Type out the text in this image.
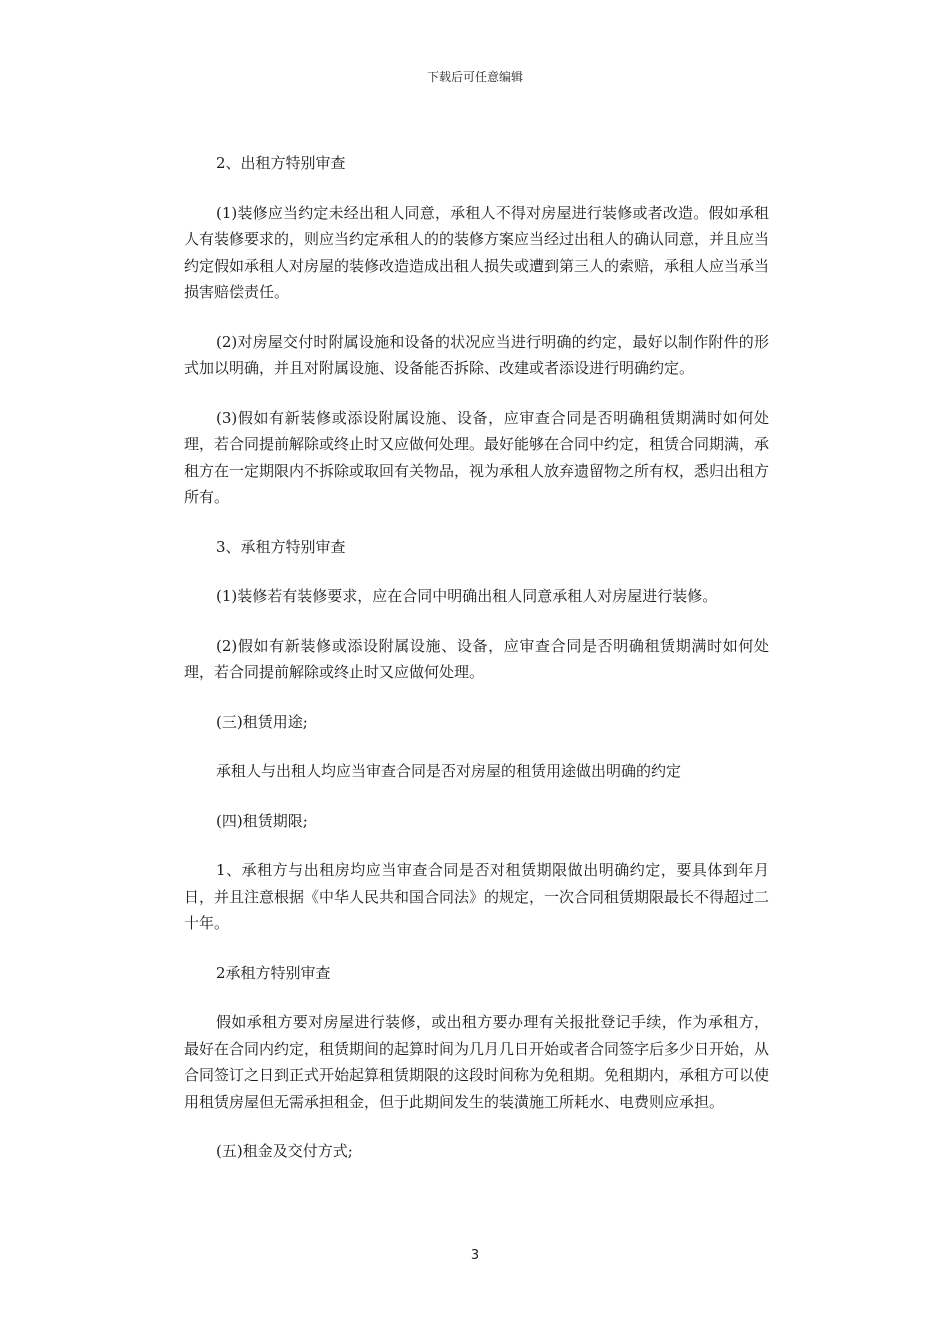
下载后可任意编辑

2、出租方特别审查

(1)装修应当约定未经出租人同意，承租人不得对房屋进行装修或者改造。假如承租人有装修要求的，则应当约定承租人的的装修方案应当经过出租人的确认同意，并且应当约定假如承租人对房屋的装修改造造成出租人损失或遭到第三人的索赔，承租人应当承当损害赔偿责任。

(2)对房屋交付时附属设施和设备的状况应当进行明确的约定，最好以制作附件的形式加以明确，并且对附属设施、设备能否拆除、改建或者添设进行明确约定。

(3)假如有新装修或添设附属设施、设备，应审查合同是否明确租赁期满时如何处理，若合同提前解除或终止时又应做何处理。最好能够在合同中约定，租赁合同期满，承租方在一定期限内不拆除或取回有关物品，视为承租人放弃遗留物之所有权，悉归出租方所有。

3、承租方特别审查

(1)装修若有装修要求，应在合同中明确出租人同意承租人对房屋进行装修。

(2)假如有新装修或添设附属设施、设备，应审查合同是否明确租赁期满时如何处理，若合同提前解除或终止时又应做何处理。

(三)租赁用途;

承租人与出租人均应当审查合同是否对房屋的租赁用途做出明确的约定

(四)租赁期限;

1、承租方与出租房均应当审查合同是否对租赁期限做出明确约定，要具体到年月日，并且注意根据《中华人民共和国合同法》的规定，一次合同租赁期限最长不得超过二十年。

2承租方特别审查

假如承租方要对房屋进行装修，或出租方要办理有关报批登记手续，作为承租方，最好在合同内约定，租赁期间的起算时间为几月几日开始或者合同签字后多少日开始，从合同签订之日到正式开始起算租赁期限的这段时间称为免租期。免租期内，承租方可以使用租赁房屋但无需承担租金，但于此期间发生的装潢施工所耗水、电费则应承担。

(五)租金及交付方式;

3
